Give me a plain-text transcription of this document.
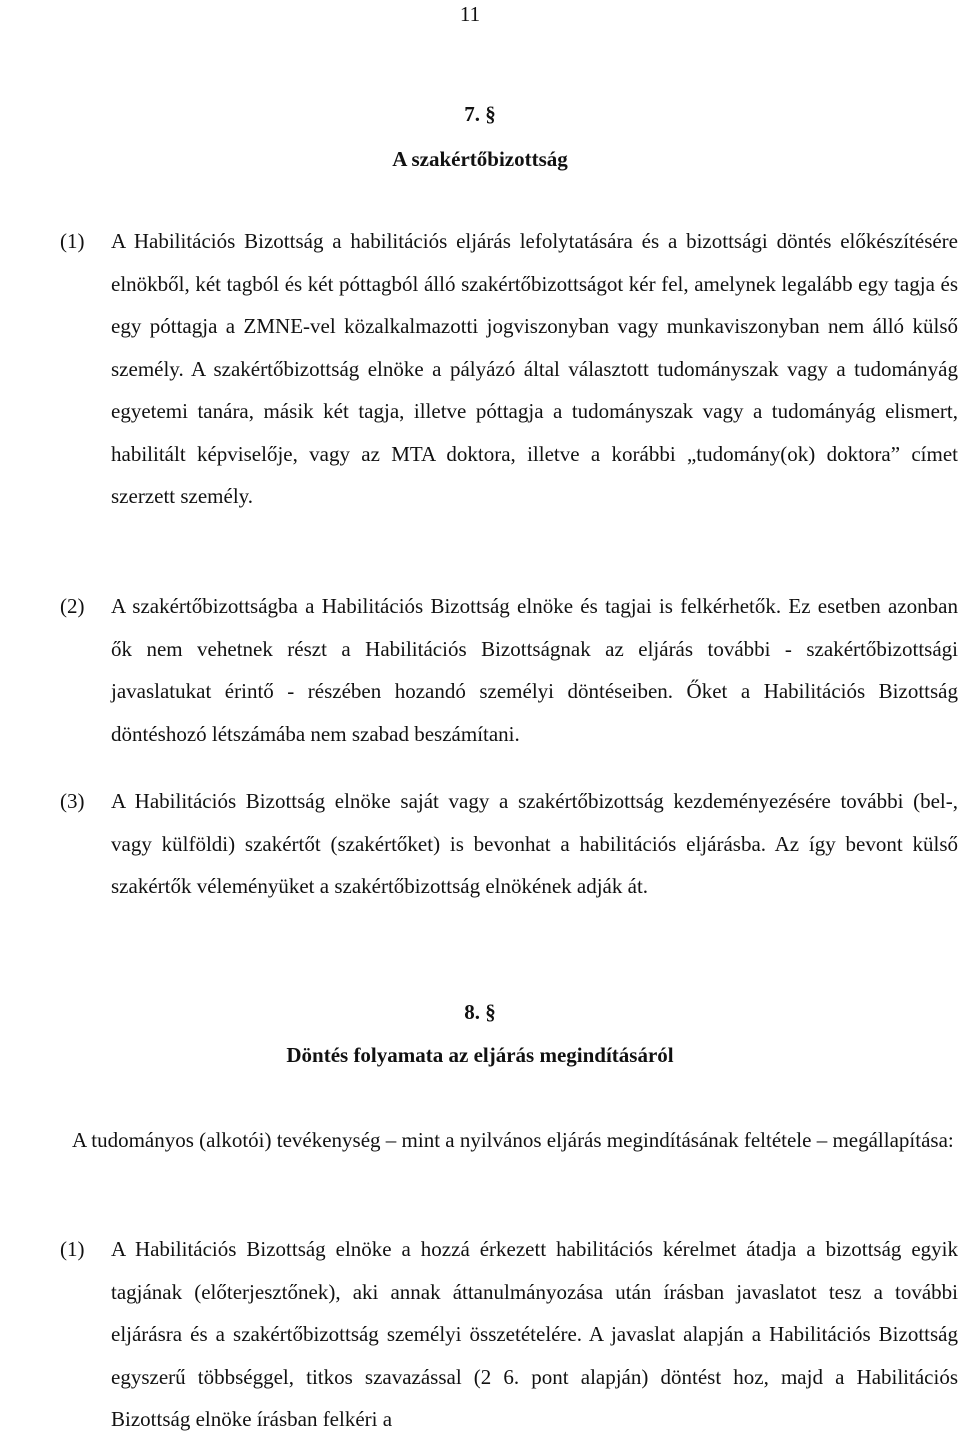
11
7. §
A szakértőbizottság
(1) A Habilitációs Bizottság a habilitációs eljárás lefolytatására és a bizottsági döntés előkészítésére elnökből, két tagból és két póttagból álló szakértőbizottságot kér fel, amelynek legalább egy tagja és egy póttagja a ZMNE-vel közalkalmazotti jogviszonyban vagy munkaviszonyban nem álló külső személy. A szakértőbizottság elnöke a pályázó által választott tudományszak vagy a tudományág egyetemi tanára, másik két tagja, illetve póttagja a tudományszak vagy a tudományág elismert, habilitált képviselője, vagy az MTA doktora, illetve a korábbi „tudomány(ok) doktora” címet szerzett személy.
(2) A szakértőbizottságba a Habilitációs Bizottság elnöke és tagjai is felkérhetők. Ez esetben azonban ők nem vehetnek részt a Habilitációs Bizottságnak az eljárás további - szakértőbizottsági javaslatukat érintő - részében hozandó személyi döntéseiben. Őket a Habilitációs Bizottság döntéshozó létszámába nem szabad beszámítani.
(3) A Habilitációs Bizottság elnöke saját vagy a szakértőbizottság kezdeményezésére további (bel-, vagy külföldi) szakértőt (szakértőket) is bevonhat a habilitációs eljárásba. Az így bevont külső szakértők véleményüket a szakértőbizottság elnökének adják át.
8. §
Döntés folyamata az eljárás megindításáról
A tudományos (alkotói) tevékenység – mint a nyilvános eljárás megindításának feltétele – megállapítása:
(1) A Habilitációs Bizottság elnöke a hozzá érkezett habilitációs kérelmet átadja a bizottság egyik tagjának (előterjesztőnek), aki annak áttanulmányozása után írásban javaslatot tesz a további eljárásra és a szakértőbizottság személyi összetételére. A javaslat alapján a Habilitációs Bizottság egyszerű többséggel, titkos szavazással (2 6. pont alapján) döntést hoz, majd a Habilitációs Bizottság elnöke írásban felkéri a
